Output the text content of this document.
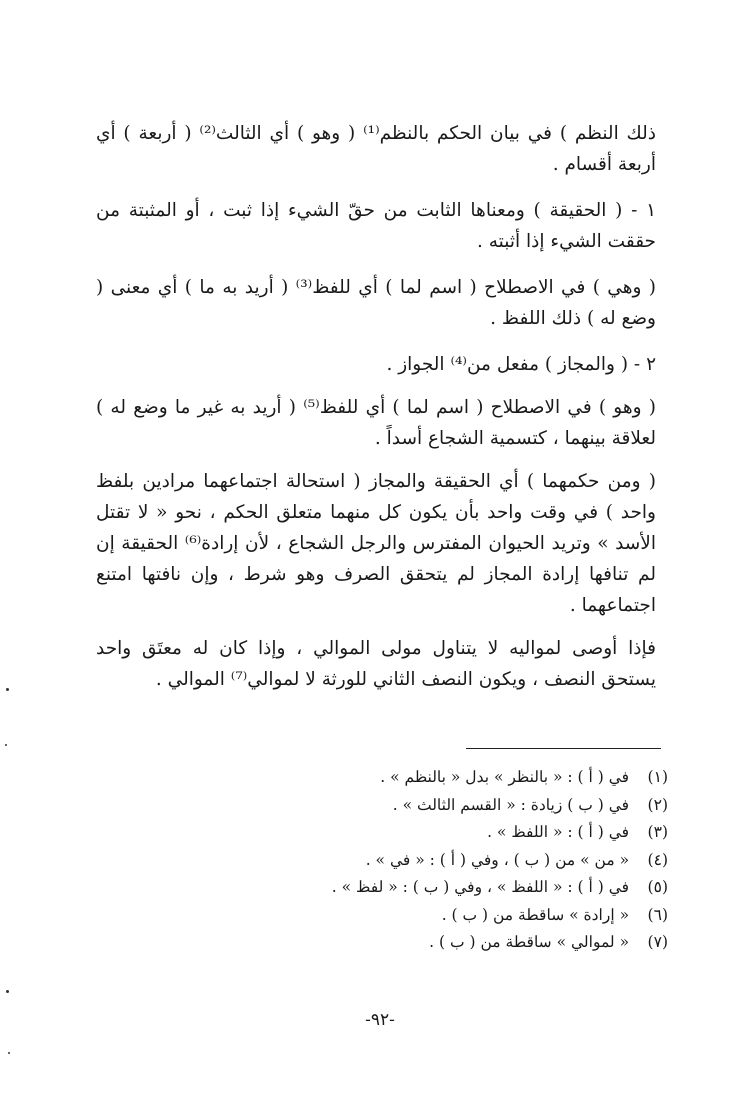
ذلك النظم ) في بيان الحكم بالنظم⁽¹⁾ ( وهو ) أي الثالث⁽²⁾ ( أربعة ) أي أربعة أقسام .

١ - ( الحقيقة ) ومعناها الثابت من حقّ الشيء إذا ثبت ، أو المثبتة من حققت الشيء إذا أثبته .

( وهي ) في الاصطلاح ( اسم لما ) أي للفظ⁽³⁾ ( أريد به ما ) أي معنى ( وضع له ) ذلك اللفظ .

٢ - ( والمجاز ) مفعل من⁽⁴⁾ الجواز .

( وهو ) في الاصطلاح ( اسم لما ) أي للفظ⁽⁵⁾ ( أريد به غير ما وضع له ) لعلاقة بينهما ، كتسمية الشجاع أسداً .

( ومن حكمهما ) أي الحقيقة والمجاز ( استحالة اجتماعهما مرادين بلفظ واحد ) في وقت واحد بأن يكون كل منهما متعلق الحكم ، نحو « لا تقتل الأسد » وتريد الحيوان المفترس والرجل الشجاع ، لأن إرادة⁽⁶⁾ الحقيقة إن لم تنافها إرادة المجاز لم يتحقق الصرف وهو شرط ، وإن نافتها امتنع اجتماعهما .

فإذا أوصى لمواليه لا يتناول مولى الموالي ، وإذا كان له معتَق واحد يستحق النصف ، ويكون النصف الثاني للورثة لا لموالي⁽⁷⁾ الموالي .

(١) في ( أ ) : « بالنظر » بدل « بالنظم » .
(٢) في ( ب ) زيادة : « القسم الثالث » .
(٣) في ( أ ) : « اللفظ » .
(٤) « من » من ( ب ) ، وفي ( أ ) : « في » .
(٥) في ( أ ) : « اللفظ » ، وفي ( ب ) : « لفظ » .
(٦) « إرادة » ساقطة من ( ب ) .
(٧) « لموالي » ساقطة من ( ب ) .
-٩٢-
